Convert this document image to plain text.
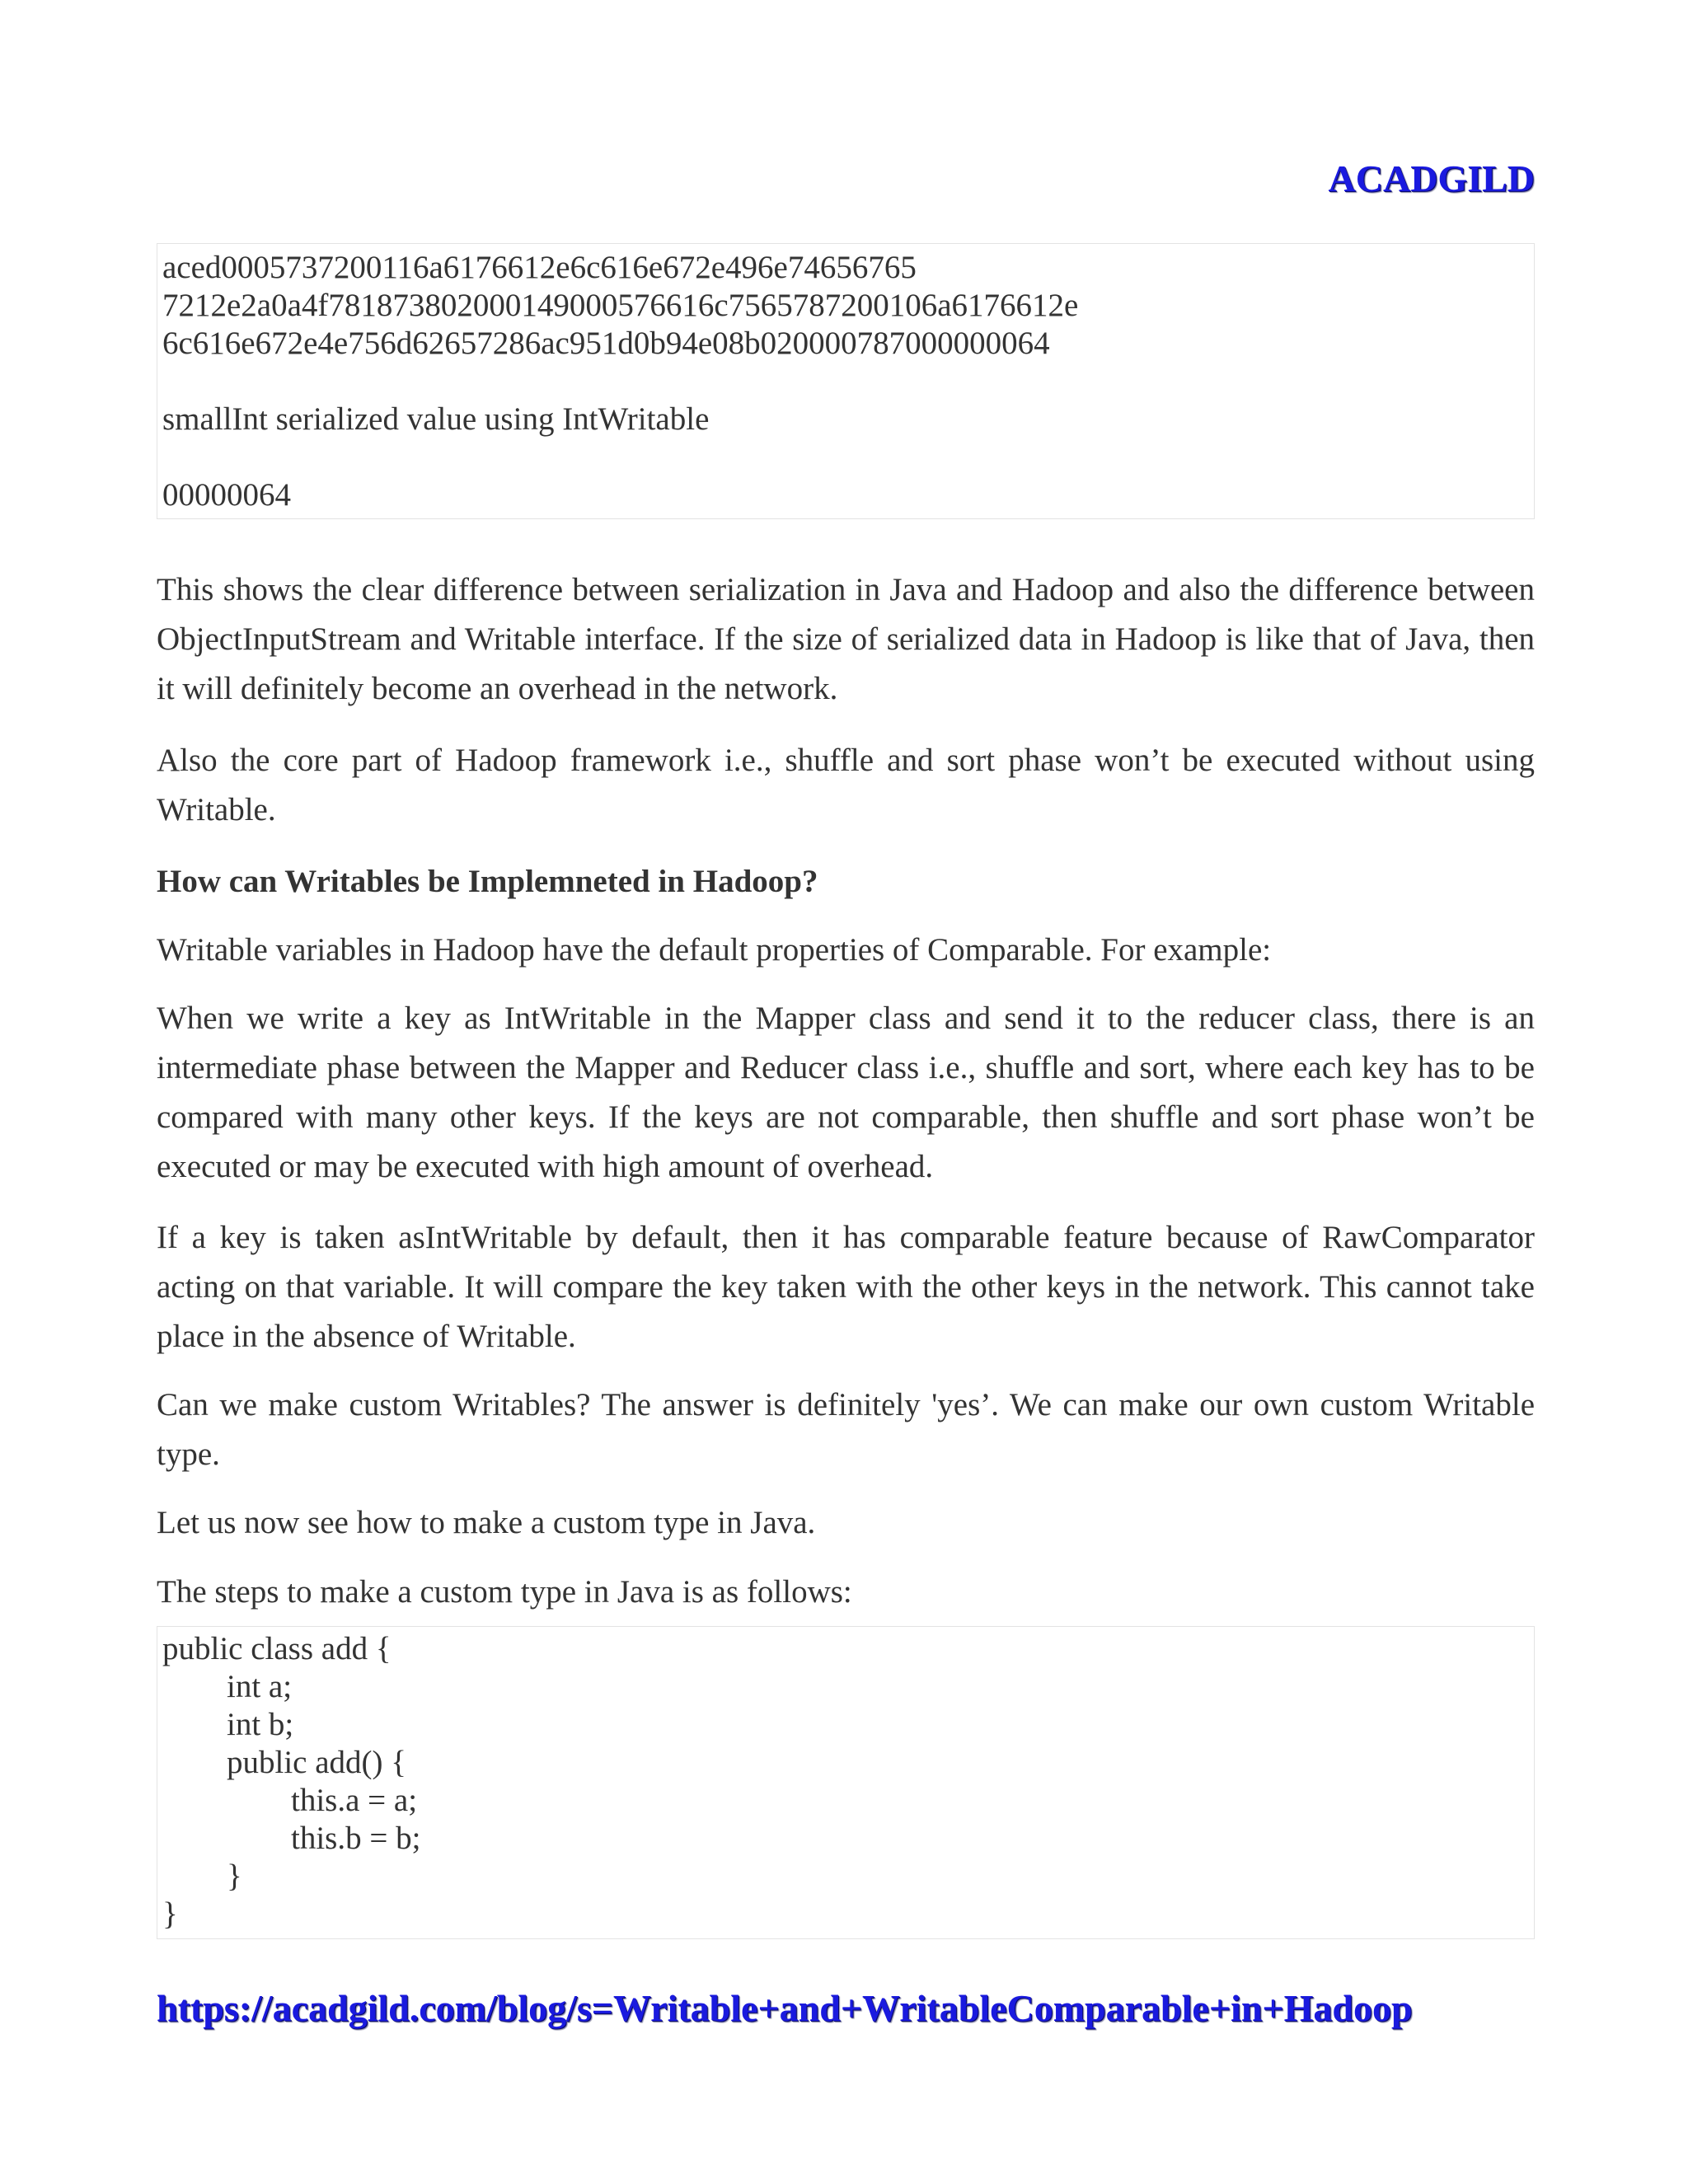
ACADGILD
aced0005737200116a6176612e6c616e672e496e74656765
7212e2a0a4f781873802000149000576616c7565787200106a6176612e
6c616e672e4e756d62657286ac951d0b94e08b020000787000000064
smallInt serialized value using IntWritable
00000064
This shows the clear difference between serialization in Java and Hadoop and also the difference between ObjectInputStream and Writable interface. If the size of serialized data in Hadoop is like that of Java, then it will definitely become an overhead in the network.
Also the core part of Hadoop framework i.e., shuffle and sort phase won’t be executed without using Writable.
How can Writables be Implemneted in Hadoop?
Writable variables in Hadoop have the default properties of Comparable. For example:
When we write a key as IntWritable in the Mapper class and send it to the reducer class, there is an intermediate phase between the Mapper and Reducer class i.e., shuffle and sort, where each key has to be compared with many other keys. If the keys are not comparable, then shuffle and sort phase won’t be executed or may be executed with high amount of overhead.
If a key is taken asIntWritable by default, then it has comparable feature because of RawComparator acting on that variable. It will compare the key taken with the other keys in the network. This cannot take place in the absence of Writable.
Can we make custom Writables? The answer is definitely 'yes’. We can make our own custom Writable type.
Let us now see how to make a custom type in Java.
The steps to make a custom type in Java is as follows:
public class add {
int a;
int b;
public add() {
this.a = a;
this.b = b;
}
}
https://acadgild.com/blog/s=Writable+and+WritableComparable+in+Hadoop
